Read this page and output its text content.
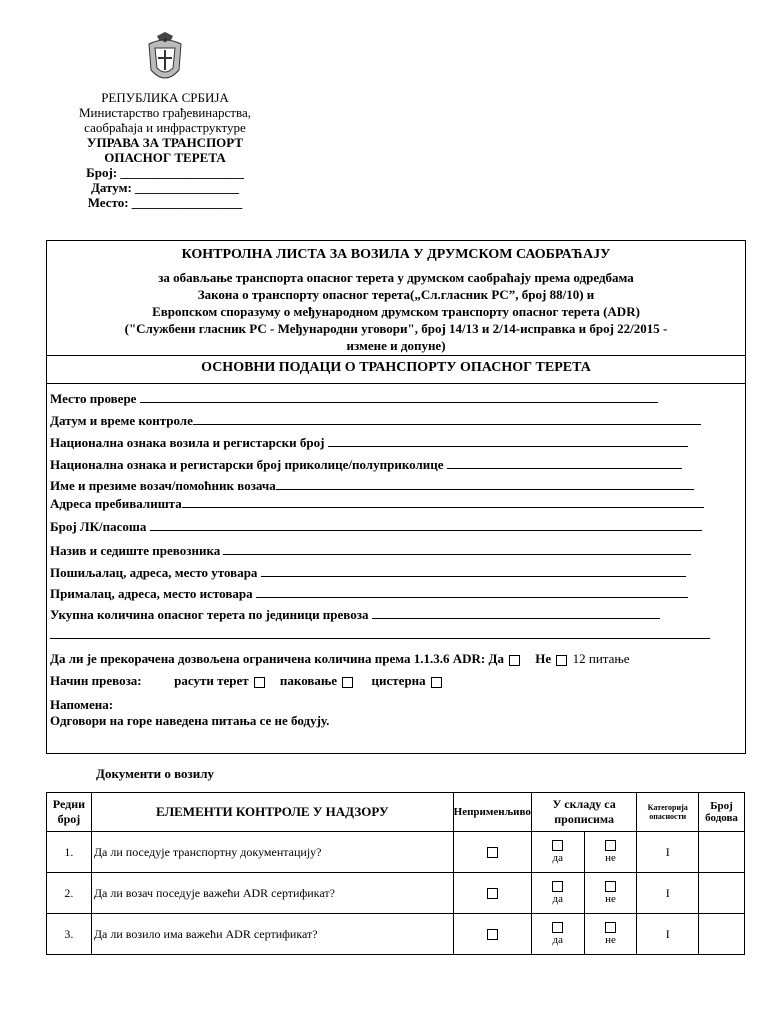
РЕПУБЛИКА СРБИЈА
Министарство грађевинарства,
саобраћаја и инфраструктуре
УПРАВА ЗА ТРАНСПОРТ
ОПАСНОГ ТЕРЕТА
Број: ___________________
Датум: ________________
Место: _________________
КОНТРОЛНА ЛИСТА ЗА ВОЗИЛА У ДРУМСКОМ САОБРАЋАЈУ
за обављање транспорта опасног терета у друмском саобраћају према одредбама
Закона о транспорту опасног терета(„Сл.гласник РС”, број 88/10) и
Европском споразуму о међународном друмском транспорту опасног терета (ADR)
("Службени гласник РС - Међународни уговори", број 14/13 и 2/14-исправка и број 22/2015 -
измене и допуне)
ОСНОВНИ ПОДАЦИ О ТРАНСПОРТУ ОПАСНОГ ТЕРЕТА
Место провере
Датум и време контроле
Национална ознака возила и регистарски број
Национална ознака и регистарски број приколице/полуприколице
Име и презиме возач/помоћник возача
Адреса пребивалишта
Број ЛК/пасоша
Назив и седиште превозника
Пошиљалац, адреса, место утовара
Прималац, адреса, место истовара
Укупна количина опасног терета по јединици превоза
Да ли је прекорачена дозвољена ограничена количина према 1.1.3.6 ADR: Да Не 12 питање
Начин превоза:	расути терет паковање	цистерна
Напомена:
Одговори на горе наведена питања се не бодују.
Документи о возилу
Редни број	ЕЛЕМЕНТИ КОНТРОЛЕ У НАДЗОРУ	Неприменљиво	У складу са прописима		Категорија опасности	Број бодова
1.	Да ли поседује транспортну документацију?		да	не	I	
2.	Да ли возач поседује важећи ADR сертификат?		да	не	I	
3.	Да ли возило има важећи ADR сертификат?		да	не	I	
